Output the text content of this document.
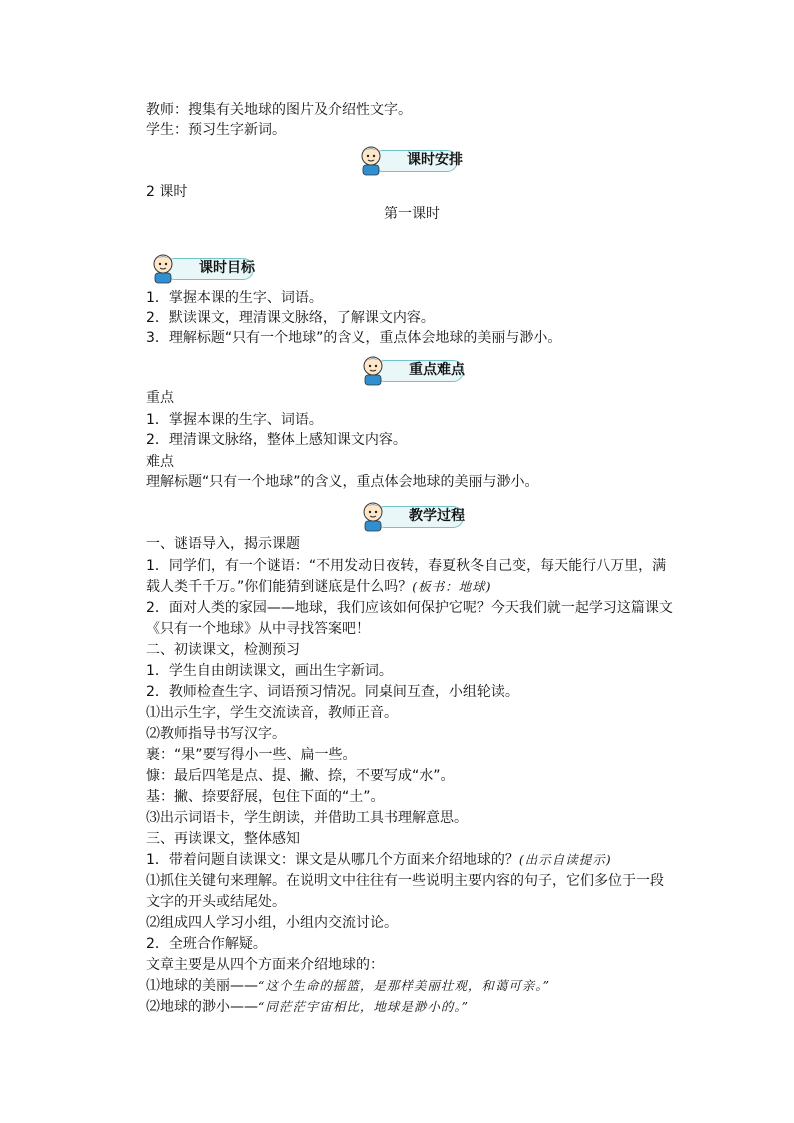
教师：搜集有关地球的图片及介绍性文字。
学生：预习生字新词。
课时安排
2 课时
第一课时
课时目标
1．掌握本课的生字、词语。
2．默读课文，理清课文脉络，了解课文内容。
3．理解标题“只有一个地球”的含义，重点体会地球的美丽与渺小。
重点难点
重点
1．掌握本课的生字、词语。
2．理清课文脉络，整体上感知课文内容。
难点
理解标题“只有一个地球”的含义，重点体会地球的美丽与渺小。
教学过程
一、谜语导入，揭示课题
1．同学们，有一个谜语：“不用发动日夜转，春夏秋冬自己变，每天能行八万里，满
载人类千千万。”你们能猜到谜底是什么吗？(板书：地球)
2．面对人类的家园——地球，我们应该如何保护它呢？今天我们就一起学习这篇课文
《只有一个地球》从中寻找答案吧！
二、初读课文，检测预习
1．学生自由朗读课文，画出生字新词。
2．教师检查生字、词语预习情况。同桌间互查，小组轮读。
⑴出示生字，学生交流读音，教师正音。
⑵教师指导书写汉字。
裹：“果”要写得小一些、扁一些。
慷：最后四笔是点、提、撇、捺，不要写成“水”。
基：撇、捺要舒展，包住下面的“土”。
⑶出示词语卡，学生朗读，并借助工具书理解意思。
三、再读课文，整体感知
1．带着问题自读课文：课文是从哪几个方面来介绍地球的？(出示自读提示)
⑴抓住关键句来理解。在说明文中往往有一些说明主要内容的句子，它们多位于一段
文字的开头或结尾处。
⑵组成四人学习小组，小组内交流讨论。
2．全班合作解疑。
文章主要是从四个方面来介绍地球的：
⑴地球的美丽——“这个生命的摇篮，是那样美丽壮观，和蔼可亲。”
⑵地球的渺小——“同茫茫宇宙相比，地球是渺小的。”
